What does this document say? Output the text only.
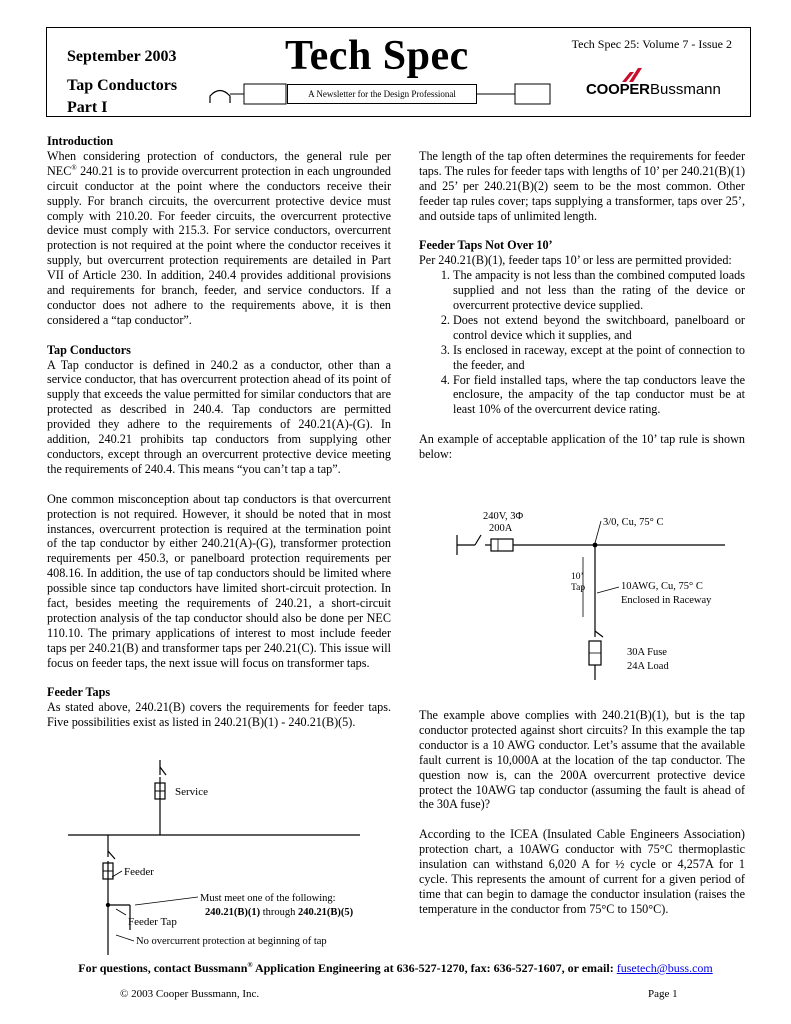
September 2003
Tap Conductors
Part I
Tech Spec	Tech Spec 25: Volume 7 - Issue 2
A Newsletter for the Design Professional	COOPER Bussmann
Introduction

When considering protection of conductors, the general rule per NEC® 240.21 is to provide overcurrent protection in each ungrounded circuit conductor at the point where the conductors receive their supply. For branch circuits, the overcurrent protective device must comply with 210.20. For feeder circuits, the overcurrent protective device must comply with 215.3. For service conductors, overcurrent protection is not required at the point where the conductor receives it supply, but overcurrent protection requirements are detailed in Part VII of Article 230. In addition, 240.4 provides additional provisions and requirements for branch, feeder, and service conductors. If a conductor does not adhere to the requirements above, it is then considered a “tap conductor”.

Tap Conductors

A Tap conductor is defined in 240.2 as a conductor, other than a service conductor, that has overcurrent protection ahead of its point of supply that exceeds the value permitted for similar conductors that are protected as described in 240.4. Tap conductors are permitted provided they adhere to the requirements of 240.21(A)-(G). In addition, 240.21 prohibits tap conductors from supplying other conductors, except through an overcurrent protective device meeting the requirements of 240.4. This means “you can’t tap a tap”.

One common misconception about tap conductors is that overcurrent protection is not required. However, it should be noted that in most instances, overcurrent protection is required at the termination point of the tap conductor by either 240.21(A)-(G), transformer protection requirements per 450.3, or panelboard protection requirements per 408.16. In addition, the use of tap conductors should be limited where possible since tap conductors have limited short-circuit protection. In fact, besides meeting the requirements of 240.21, a short-circuit protection analysis of the tap conductor should also be done per NEC 110.10. The primary applications of interest to most include feeder taps per 240.21(B) and transformer taps per 240.21(C). This issue will focus on feeder taps, the next issue will focus on transformer taps.

Feeder Taps

As stated above, 240.21(B) covers the requirements for feeder taps. Five possibilities exist as listed in 240.21(B)(1) - 240.21(B)(5).

Service
Feeder
Feeder Tap
Must meet one of the following:
240.21(B)(1) through 240.21(B)(5)
No overcurrent protection at beginning of tap

The length of the tap often determines the requirements for feeder taps. The rules for feeder taps with lengths of 10’ per 240.21(B)(1) and 25’ per 240.21(B)(2) seem to be the most common. Other feeder tap rules cover; taps supplying a transformer, taps over 25’, and outside taps of unlimited length.

Feeder Taps Not Over 10’

Per 240.21(B)(1), feeder taps 10’ or less are permitted provided:

1. The ampacity is not less than the combined computed loads supplied and not less than the rating of the device or overcurrent protective device supplied.
2. Does not extend beyond the switchboard, panelboard or control device which it supplies, and
3. Is enclosed in raceway, except at the point of connection to the feeder, and
4. For field installed taps, where the tap conductors leave the enclosure, the ampacity of the tap conductor must be at least 10% of the overcurrent device rating.

An example of acceptable application of the 10’ tap rule is shown below:

240V, 3Φ
200A
3/0, Cu, 75° C
10’
Tap	10AWG, Cu, 75° C
Enclosed in Raceway
30A Fuse
24A Load

The example above complies with 240.21(B)(1), but is the tap conductor protected against short circuits? In this example the tap conductor is a 10 AWG conductor. Let’s assume that the available fault current is 10,000A at the location of the tap conductor. The question now is, can the 200A overcurrent protective device protect the 10AWG tap conductor (assuming the fault is ahead of the 30A fuse)?

According to the ICEA (Insulated Cable Engineers Association) protection chart, a 10AWG conductor with 75°C thermoplastic insulation can withstand 6,020 A for ½ cycle or 4,257A for 1 cycle. This represents the amount of current for a given period of time that can begin to damage the conductor insulation (raises the temperature in the conductor from 75°C to 150°C).

For questions, contact Bussmann® Application Engineering at 636-527-1270, fax: 636-527-1607, or email: fusetech@buss.com
© 2003 Cooper Bussmann, Inc.	Page 1
